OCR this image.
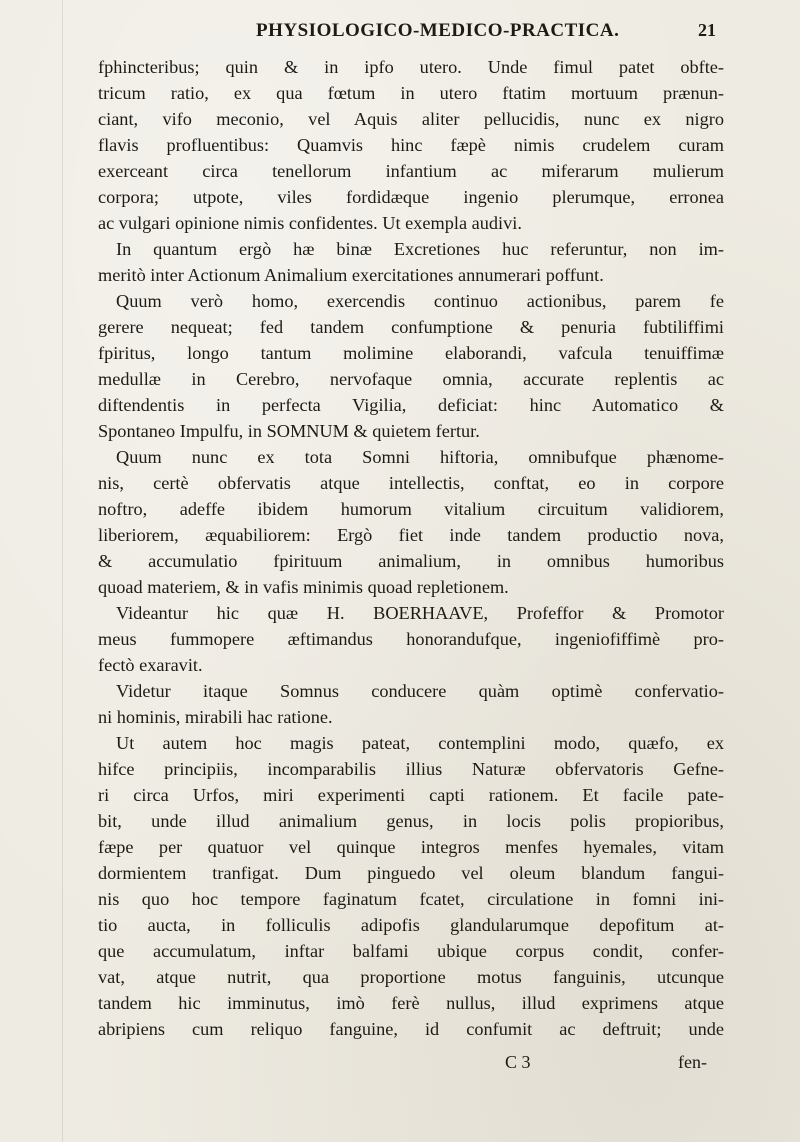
PHYSIOLOGICO-MEDICO-PRACTICA.	21
fphincteribus; quin & in ipfo utero. Unde fimul patet obfte-
tricum ratio, ex qua fœtum in utero ftatim mortuum prænun-
ciant, vifo meconio, vel Aquis aliter pellucidis, nunc ex nigro
flavis profluentibus: Quamvis hinc fæpè nimis crudelem curam
exerceant circa tenellorum infantium ac miferarum mulierum
corpora; utpote, viles fordidæque ingenio plerumque, erronea
ac vulgari opinione nimis confidentes. Ut exempla audivi.
In quantum ergò hæ binæ Excretiones huc referuntur, non im-
meritò inter Actionum Animalium exercitationes annumerari poffunt.
Quum verò homo, exercendis continuo actionibus, parem fe
gerere nequeat; fed tandem confumptione & penuria fubtiliffimi
fpiritus, longo tantum molimine elaborandi, vafcula tenuiffimæ
medullæ in Cerebro, nervofaque omnia, accurate replentis ac
diftendentis in perfecta Vigilia, deficiat: hinc Automatico &
Spontaneo Impulfu, in SOMNUM & quietem fertur.
Quum nunc ex tota Somni hiftoria, omnibufque phænome-
nis, certè obfervatis atque intellectis, conftat, eo in corpore
noftro, adeffe ibidem humorum vitalium circuitum validiorem,
liberiorem, æquabiliorem: Ergò fiet inde tandem productio nova,
& accumulatio fpirituum animalium, in omnibus humoribus
quoad materiem, & in vafis minimis quoad repletionem.
Videantur hic quæ H. BOERHAAVE, Profeffor & Promotor
meus fummopere æftimandus honorandufque, ingeniofiffimè pro-
fectò exaravit.
Videtur itaque Somnus conducere quàm optimè confervatio-
ni hominis, mirabili hac ratione.
Ut autem hoc magis pateat, contemplini modo, quæfo, ex
hifce principiis, incomparabilis illius Naturæ obfervatoris Gefne-
ri circa Urfos, miri experimenti capti rationem. Et facile pate-
bit, unde illud animalium genus, in locis polis propioribus,
fæpe per quatuor vel quinque integros menfes hyemales, vitam
dormientem tranfigat. Dum pinguedo vel oleum blandum fangui-
nis quo hoc tempore faginatum fcatet, circulatione in fomni ini-
tio aucta, in folliculis adipofis glandularumque depofitum at-
que accumulatum, inftar balfami ubique corpus condit, confer-
vat, atque nutrit, qua proportione motus fanguinis, utcunque
tandem hic imminutus, imò ferè nullus, illud exprimens atque
abripiens cum reliquo fanguine, id confumit ac deftruit; unde
C 3	fen-
